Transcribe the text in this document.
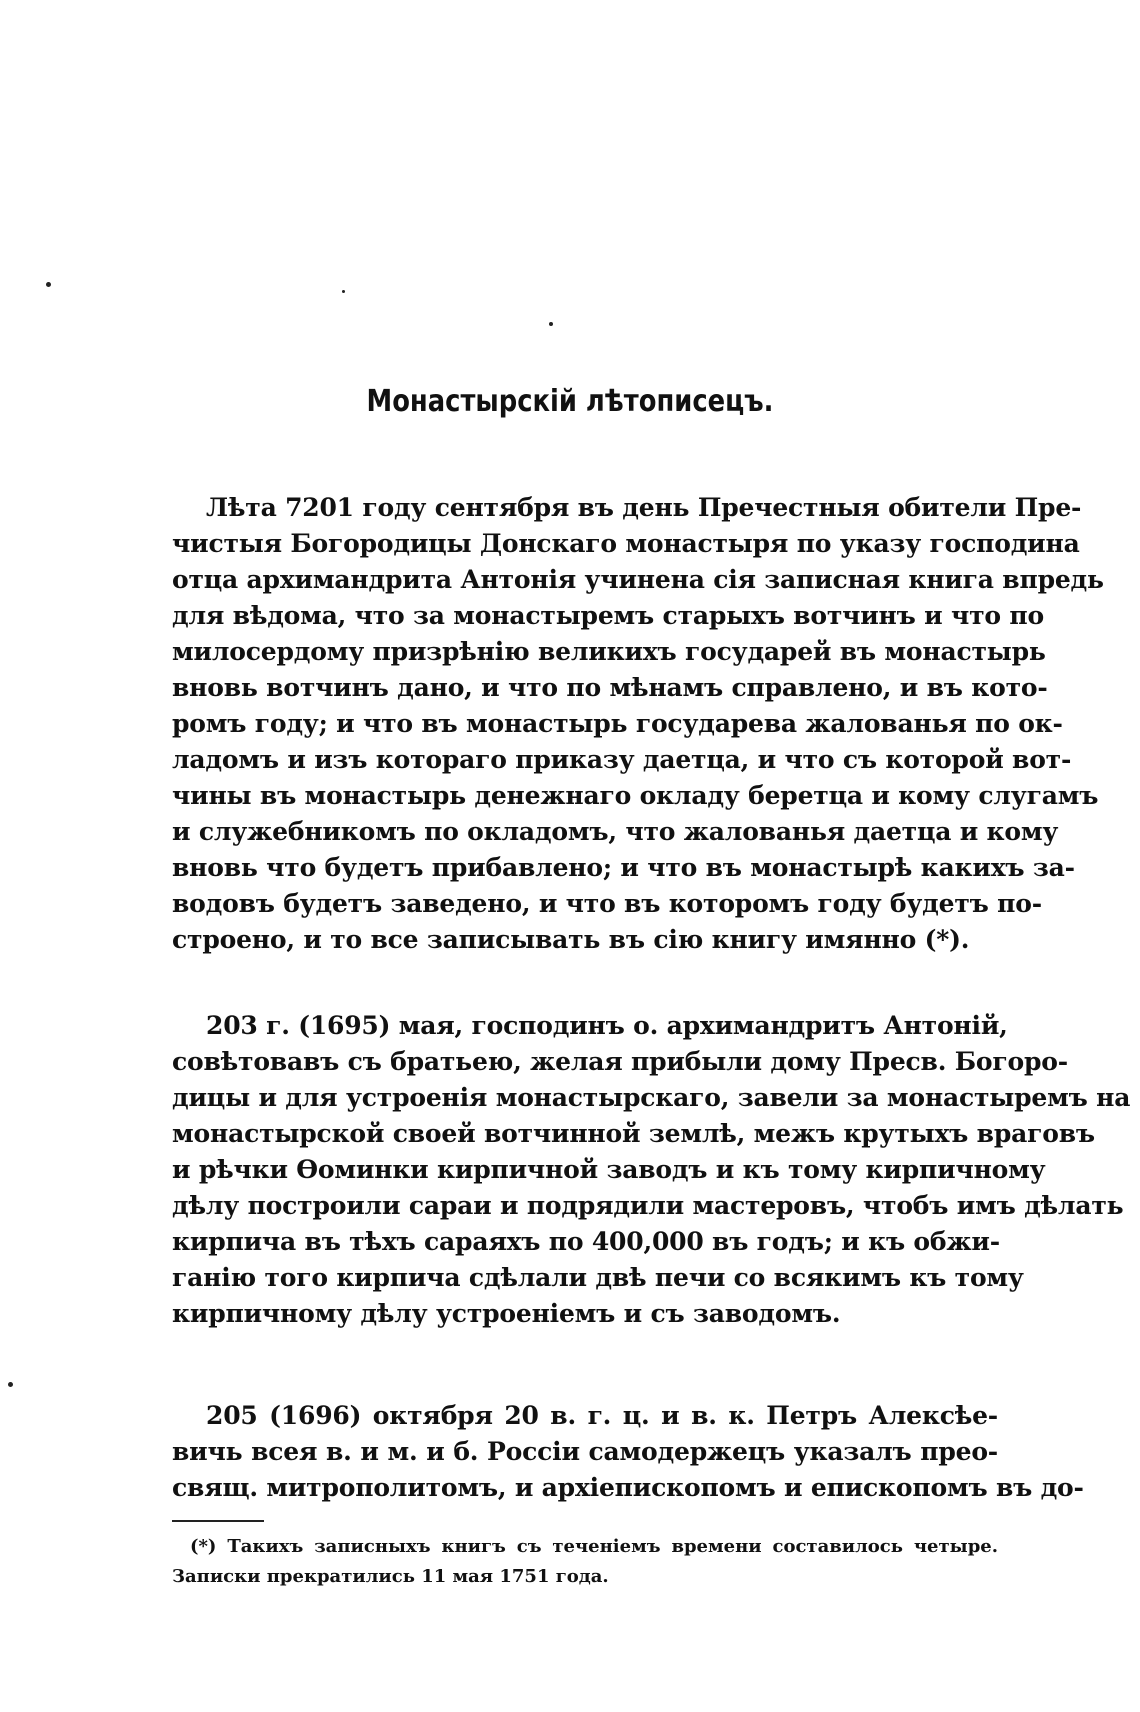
Монастырскій лѣтописецъ.
Лѣта 7201 году сентября въ день Пречестныя обители Пре-
чистыя Богородицы Донскаго монастыря по указу господина
отца архимандрита Антонія учинена сія записная книга впредь
для вѣдома, что за монастыремъ старыхъ вотчинъ и что по
милосердому призрѣнію великихъ государей въ монастырь
вновь вотчинъ дано, и что по мѣнамъ справлено, и въ кото-
ромъ году; и что въ монастырь государева жалованья по ок-
ладомъ и изъ котораго приказу даетца, и что съ которой вот-
чины въ монастырь денежнаго окладу беретца и кому слугамъ
и служебникомъ по окладомъ, что жалованья даетца и кому
вновь что будетъ прибавлено; и что въ монастырѣ какихъ за-
водовъ будетъ заведено, и что въ которомъ году будетъ по-
строено, и то все записывать въ сію книгу имянно (*).
203 г. (1695) мая, господинъ о. архимандритъ Антоній,
совѣтовавъ съ братьею, желая прибыли дому Пресв. Богоро-
дицы и для устроенія монастырскаго, завели за монастыремъ на
монастырской своей вотчинной землѣ, межъ крутыхъ враговъ
и рѣчки Ѳоминки кирпичной заводъ и къ тому кирпичному
дѣлу построили сараи и подрядили мастеровъ, чтобъ имъ дѣлать
кирпича въ тѣхъ сараяхъ по 400,000 въ годъ; и къ обжи-
ганію того кирпича сдѣлали двѣ печи со всякимъ къ тому
кирпичному дѣлу устроеніемъ и съ заводомъ.
205 (1696) октября 20 в. г. ц. и в. к. Петръ Алексѣе-
вичь всея в. и м. и б. Россіи самодержецъ указалъ прео-
свящ. митрополитомъ, и архіепископомъ и епископомъ въ до-
(*) Такихъ записныхъ книгъ съ теченіемъ времени составилось четыре.
Записки прекратились 11 мая 1751 года.
